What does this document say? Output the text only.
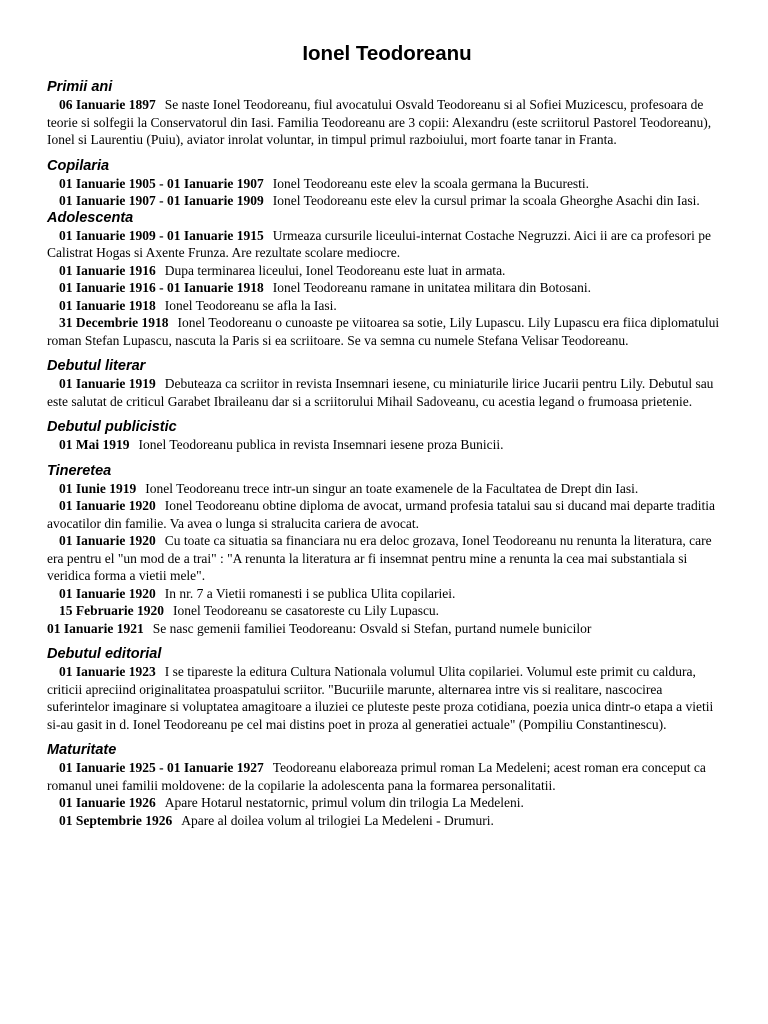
Ionel Teodoreanu
Primii ani

06 Ianuarie 1897 Se naste Ionel Teodoreanu, fiul avocatului Osvald Teodoreanu si al Sofiei Muzicescu, profesoara de teorie si solfegii la Conservatorul din Iasi. Familia Teodoreanu are 3 copii: Alexandru (este scriitorul Pastorel Teodoreanu), Ionel si Laurentiu (Puiu), aviator inrolat voluntar, in timpul primul razboiului, mort foarte tanar in Franta.

Copilaria

01 Ianuarie 1905 - 01 Ianuarie 1907 Ionel Teodoreanu este elev la scoala germana la Bucuresti.

01 Ianuarie 1907 - 01 Ianuarie 1909 Ionel Teodoreanu este elev la cursul primar la scoala Gheorghe Asachi din Iasi.

Adolescenta

01 Ianuarie 1909 - 01 Ianuarie 1915 Urmeaza cursurile liceului-internat Costache Negruzzi. Aici ii are ca profesori pe Calistrat Hogas si Axente Frunza. Are rezultate scolare mediocre.

01 Ianuarie 1916 Dupa terminarea liceului, Ionel Teodoreanu este luat in armata.

01 Ianuarie 1916 - 01 Ianuarie 1918 Ionel Teodoreanu ramane in unitatea militara din Botosani.

01 Ianuarie 1918 Ionel Teodoreanu se afla la Iasi.

31 Decembrie 1918 Ionel Teodoreanu o cunoaste pe viitoarea sa sotie, Lily Lupascu. Lily Lupascu era fiica diplomatului roman Stefan Lupascu, nascuta la Paris si ea scriitoare. Se va semna cu numele Stefana Velisar Teodoreanu.

Debutul literar

01 Ianuarie 1919 Debuteaza ca scriitor in revista Insemnari iesene, cu miniaturile lirice Jucarii pentru Lily. Debutul sau este salutat de criticul Garabet Ibraileanu dar si a scriitorului Mihail Sadoveanu, cu acestia legand o frumoasa prietenie.

Debutul publicistic

01 Mai 1919 Ionel Teodoreanu publica in revista Insemnari iesene proza Bunicii.

Tineretea

01 Iunie 1919 Ionel Teodoreanu trece intr-un singur an toate examenele de la Facultatea de Drept din Iasi.

01 Ianuarie 1920 Ionel Teodoreanu obtine diploma de avocat, urmand profesia tatalui sau si ducand mai departe traditia avocatilor din familie. Va avea o lunga si stralucita cariera de avocat.

01 Ianuarie 1920 Cu toate ca situatia sa financiara nu era deloc grozava, Ionel Teodoreanu nu renunta la literatura, care era pentru el "un mod de a trai" : "A renunta la literatura ar fi insemnat pentru mine a renunta la cea mai substantiala si veridica forma a vietii mele".

01 Ianuarie 1920 In nr. 7 a Vietii romanesti i se publica Ulita copilariei.

15 Februarie 1920 Ionel Teodoreanu se casatoreste cu Lily Lupascu.

01 Ianuarie 1921 Se nasc gemenii familiei Teodoreanu: Osvald si Stefan, purtand numele bunicilor

Debutul editorial

01 Ianuarie 1923 I se tipareste la editura Cultura Nationala volumul Ulita copilariei. Volumul este primit cu caldura, criticii apreciind originalitatea proaspatului scriitor. "Bucuriile marunte, alternarea intre vis si realitare, nascocirea suferintelor imaginare si voluptatea amagitoare a iluziei ce pluteste peste proza cotidiana, poezia unica dintr-o etapa a vietii si-au gasit in d. Ionel Teodoreanu pe cel mai distins poet in proza al generatiei actuale" (Pompiliu Constantinescu).

Maturitate

01 Ianuarie 1925 - 01 Ianuarie 1927 Teodoreanu elaboreaza primul roman La Medeleni; acest roman era conceput ca romanul unei familii moldovene: de la copilarie la adolescenta pana la formarea personalitatii.

01 Ianuarie 1926 Apare Hotarul nestatornic, primul volum din trilogia La Medeleni.

01 Septembrie 1926 Apare al doilea volum al trilogiei La Medeleni - Drumuri.
